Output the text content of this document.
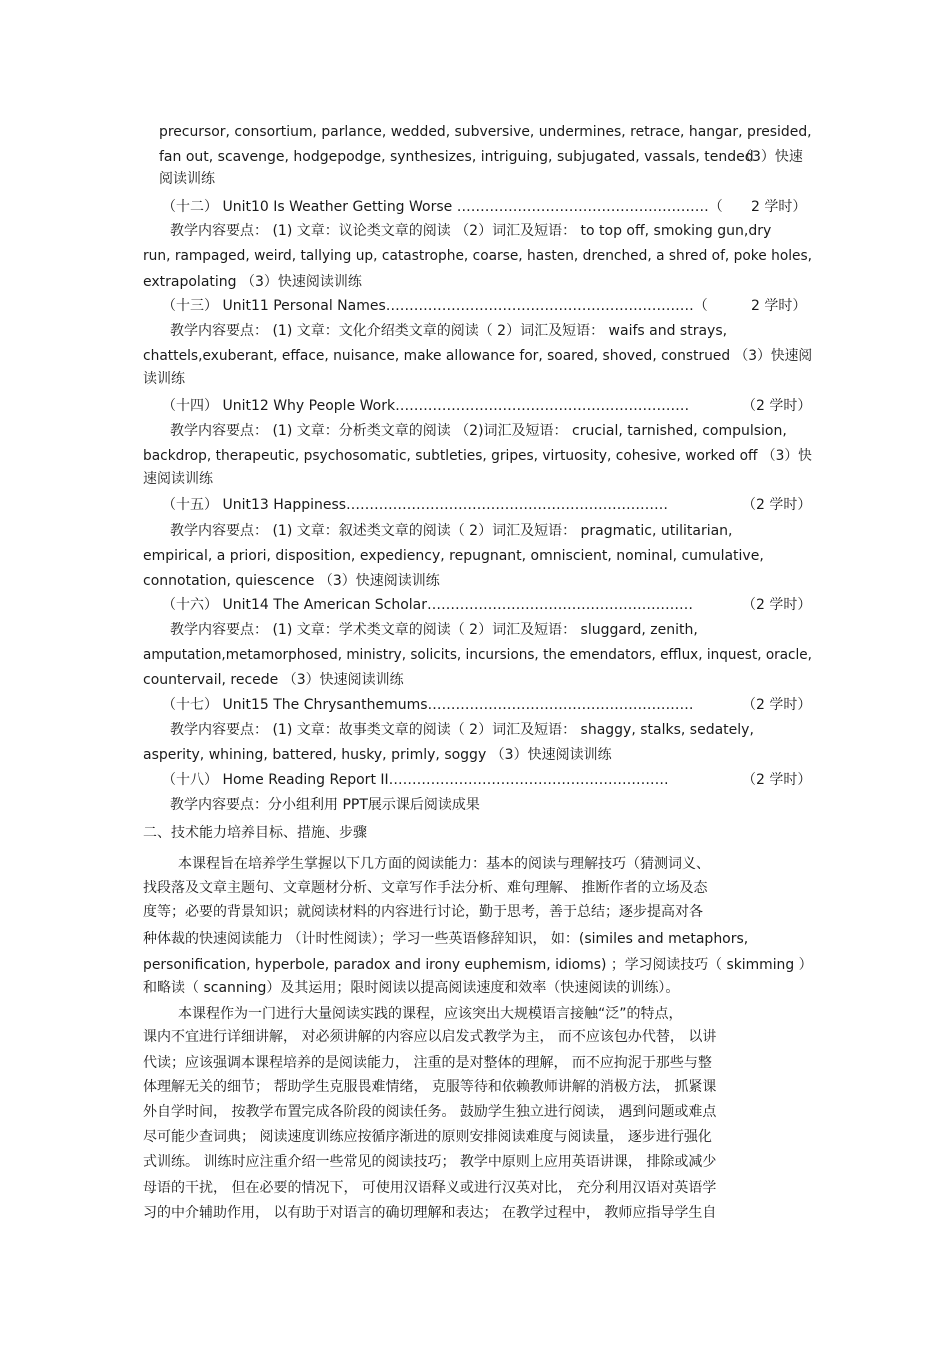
precursor, consortium, parlance, wedded, subversive, undermines, retrace, hangar, presided,
fan out, scavenge, hodgepodge, synthesizes, intriguing, subjugated, vassals, tended
（3）快速
阅读训练
（十二） Unit10 Is Weather Getting Worse ………………………………………………（ 2 学时）
教学内容要点： (1) 文章：议论类文章的阅读 （2）词汇及短语： to top off, smoking gun,dry
run, rampaged, weird, tallying up, catastrophe, coarse, hasten, drenched, a shred of, poke holes,
extrapolating （3）快速阅读训练
（十三） Unit11 Personal Names…………………………………………………………（	2 学时）
教学内容要点： (1) 文章：文化介绍类文章的阅读（ 2）词汇及短语： waifs and strays,
chattels,exuberant, efface, nuisance, make allowance for, soared, shoved, construed （3）快速阅
读训练
（十四） Unit12 Why People Work………………………………………………………	（2 学时）
教学内容要点： (1) 文章：分析类文章的阅读 （2)词汇及短语： crucial, tarnished, compulsion,
backdrop, therapeutic, psychosomatic, subtleties, gripes, virtuosity, cohesive, worked off （3）快
速阅读训练
（十五） Unit13 Happiness……………………………………………………………	（2 学时）
教学内容要点： (1) 文章：叙述类文章的阅读（ 2）词汇及短语： pragmatic, utilitarian,
empirical, a priori, disposition, expediency, repugnant, omniscient, nominal, cumulative,
connotation, quiescence （3）快速阅读训练
（十六） Unit14 The American Scholar…………………………………………………	（2 学时）
教学内容要点： (1) 文章：学术类文章的阅读（ 2）词汇及短语： sluggard, zenith,
amputation,metamorphosed, ministry, solicits, incursions, the emendators, efflux, inquest, oracle,
countervail, recede （3）快速阅读训练
（十七） Unit15 The Chrysanthemums…………………………………………………	（2 学时）
教学内容要点： (1) 文章：故事类文章的阅读（ 2）词汇及短语： shaggy, stalks, sedately,
asperity, whining, battered, husky, primly, soggy （3）快速阅读训练
（十八） Home Reading Report II……………………………………………………	（2 学时）
教学内容要点：分小组利用 PPT展示课后阅读成果
二、技术能力培养目标、措施、步骤
本课程旨在培养学生掌握以下几方面的阅读能力：基本的阅读与理解技巧（猜测词义、
找段落及文章主题句、文章题材分析、文章写作手法分析、难句理解、 推断作者的立场及态
度等；必要的背景知识；就阅读材料的内容进行讨论，勤于思考，善于总结；逐步提高对各
种体裁的快速阅读能力 （计时性阅读）；学习一些英语修辞知识， 如：(similes and metaphors,
personification, hyperbole, paradox and irony euphemism, idioms) ；学习阅读技巧（ skimming ）
和略读（ scanning）及其运用；限时阅读以提高阅读速度和效率（快速阅读的训练）。
本课程作为一门进行大量阅读实践的课程，应该突出大规模语言接触“泛”的特点，
课内不宜进行详细讲解， 对必须讲解的内容应以启发式教学为主， 而不应该包办代替， 以讲
代读；应该强调本课程培养的是阅读能力， 注重的是对整体的理解， 而不应拘泥于那些与整
体理解无关的细节； 帮助学生克服畏难情绪， 克服等待和依赖教师讲解的消极方法， 抓紧课
外自学时间， 按教学布置完成各阶段的阅读任务。 鼓励学生独立进行阅读， 遇到问题或难点
尽可能少查词典； 阅读速度训练应按循序渐进的原则安排阅读难度与阅读量， 逐步进行强化
式训练。 训练时应注重介绍一些常见的阅读技巧； 教学中原则上应用英语讲课， 排除或减少
母语的干扰， 但在必要的情况下， 可使用汉语释义或进行汉英对比， 充分利用汉语对英语学
习的中介辅助作用， 以有助于对语言的确切理解和表达； 在教学过程中， 教师应指导学生自
